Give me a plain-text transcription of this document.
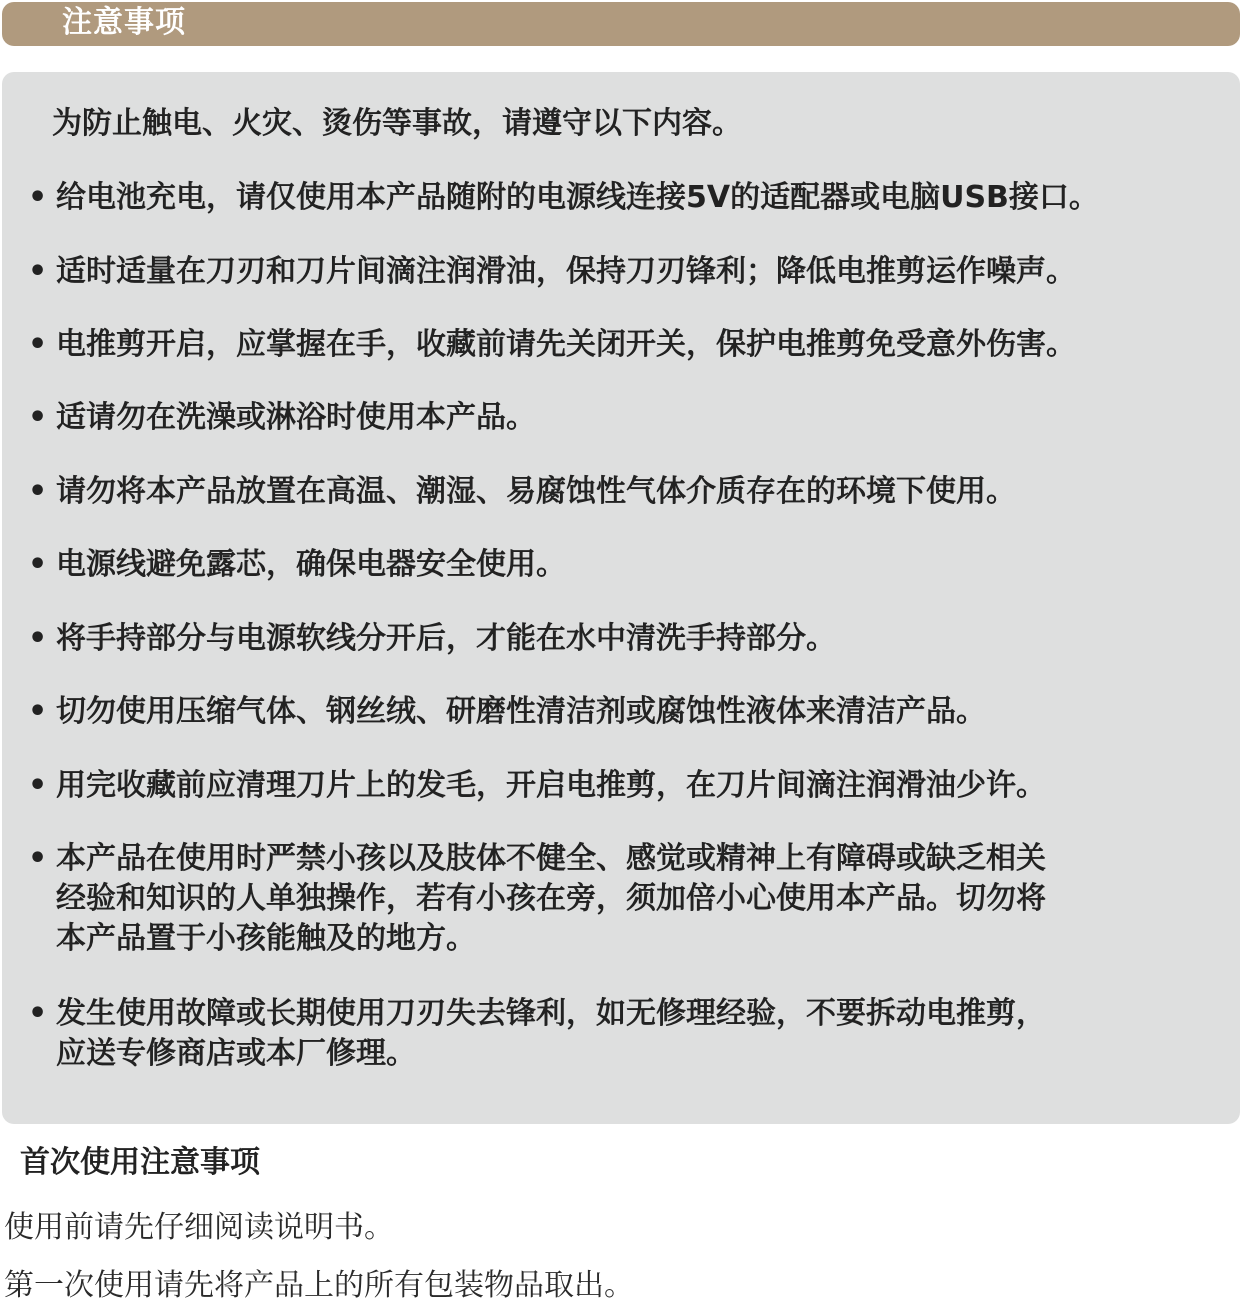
注意事项
为防止触电、火灾、烫伤等事故，请遵守以下内容。
• 给电池充电，请仅使用本产品随附的电源线连接5V的适配器或电脑USB接口。
• 适时适量在刀刃和刀片间滴注润滑油，保持刀刃锋利；降低电推剪运作噪声。
• 电推剪开启，应掌握在手，收藏前请先关闭开关，保护电推剪免受意外伤害。
• 适请勿在洗澡或淋浴时使用本产品。
• 请勿将本产品放置在高温、潮湿、易腐蚀性气体介质存在的环境下使用。
• 电源线避免露芯，确保电器安全使用。
• 将手持部分与电源软线分开后，才能在水中清洗手持部分。
• 切勿使用压缩气体、钢丝绒、研磨性清洁剂或腐蚀性液体来清洁产品。
• 用完收藏前应清理刀片上的发毛，开启电推剪，在刀片间滴注润滑油少许。
• 本产品在使用时严禁小孩以及肢体不健全、感觉或精神上有障碍或缺乏相关
经验和知识的人单独操作，若有小孩在旁，须加倍小心使用本产品。切勿将
本产品置于小孩能触及的地方。
• 发生使用故障或长期使用刀刃失去锋利，如无修理经验，不要拆动电推剪，
应送专修商店或本厂修理。
首次使用注意事项
使用前请先仔细阅读说明书。
第一次使用请先将产品上的所有包装物品取出。
